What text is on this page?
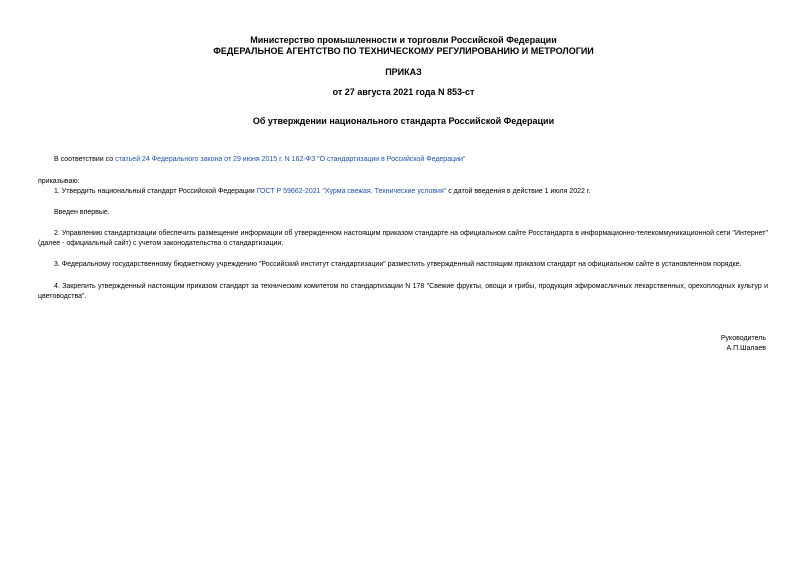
Министерство промышленности и торговли Российской Федерации
ФЕДЕРАЛЬНОЕ АГЕНТСТВО ПО ТЕХНИЧЕСКОМУ РЕГУЛИРОВАНИЮ И МЕТРОЛОГИИ
ПРИКАЗ
от 27 августа 2021 года N 853-ст
Об утверждении национального стандарта Российской Федерации
В соответствии со статьей 24 Федерального закона от 29 июня 2015 г. N 162-ФЗ "О стандартизации в Российской Федерации"
приказываю:
1. Утвердить национальный стандарт Российской Федерации ГОСТ Р 59662-2021 "Хурма свежая. Технические условия" с датой введения в действие 1 июля 2022 г.
Введен впервые.
2. Управлению стандартизации обеспечить размещение информации об утвержденном настоящим приказом стандарте на официальном сайте Росстандарта в информационно-телекоммуникационной сети "Интернет" (далее - официальный сайт) с учетом законодательства о стандартизации.
3. Федеральному государственному бюджетному учреждению "Российский институт стандартизации" разместить утвержденный настоящим приказом стандарт на официальном сайте в установленном порядке.
4. Закрепить утвержденный настоящим приказом стандарт за техническим комитетом по стандартизации N 178 "Свежие фрукты, овощи и грибы, продукция эфиромасличных лекарственных, орехоплодных культур и цветоводства".
Руководитель
А.П.Шалаев
